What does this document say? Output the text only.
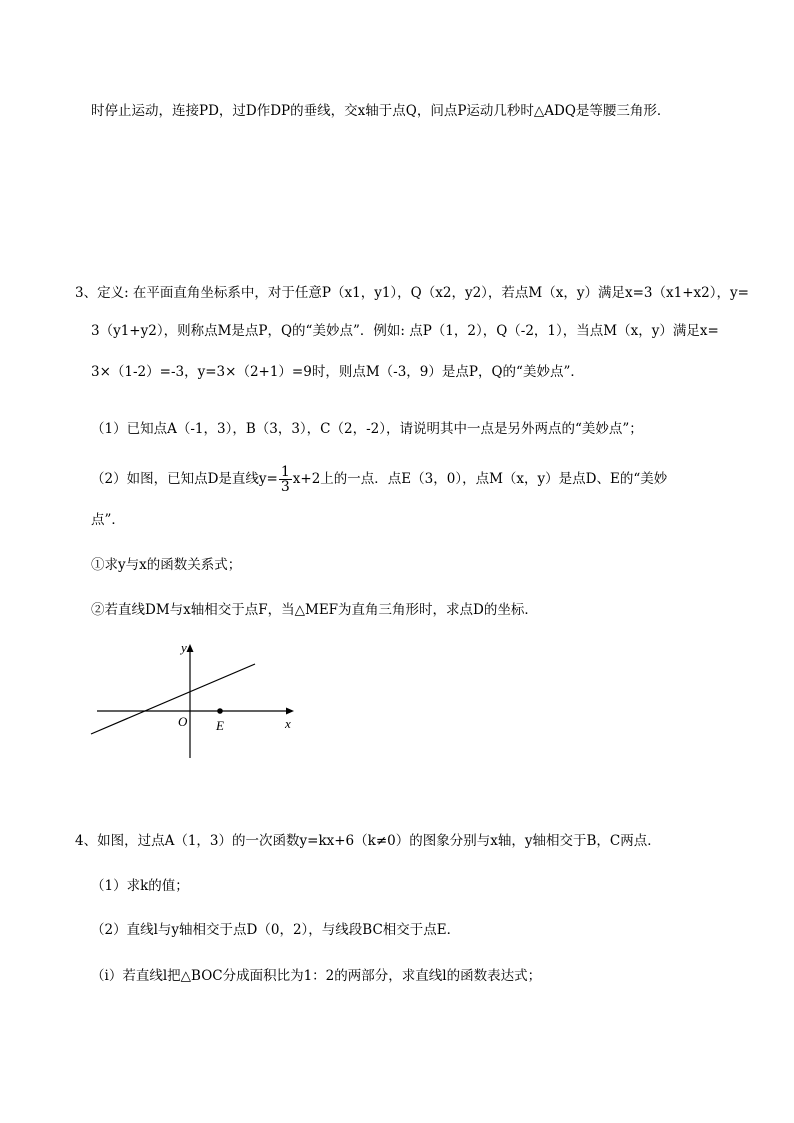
时停止运动，连接PD，过D作DP的垂线，交x轴于点Q，问点P运动几秒时△ADQ是等腰三角形．
3、定义: 在平面直角坐标系中，对于任意P（x1，y1），Q（x2，y2），若点M（x，y）满足x=3（x1+x2），y=
3（y1+y2），则称点M是点P，Q的“美妙点”．例如: 点P（1，2），Q（-2，1），当点M（x，y）满足x=
3×（1-2）=-3，y=3×（2+1）=9时，则点M（-3，9）是点P，Q的“美妙点”．
（1）已知点A（-1，3），B（3，3），C（2，-2），请说明其中一点是另外两点的“美妙点”；
（2）如图，已知点D是直线$y= \frac{1}{3} x+2$上的一点．点E（3，0），点M（x，y）是点D、E的“美妙
点”．
①求y与x的函数关系式；
②若直线DM与x轴相交于点F，当△MEF为直角三角形时，求点D的坐标．
y
x
O E
4、如图，过点A（1，3）的一次函数y=kx+6（k≠0）的图象分别与x轴，y轴相交于B，C两点．
（1）求k的值；
（2）直线l与y轴相交于点D（0，2），与线段BC相交于点E．
（i）若直线l把△BOC分成面积比为1：2的两部分，求直线l的函数表达式；
